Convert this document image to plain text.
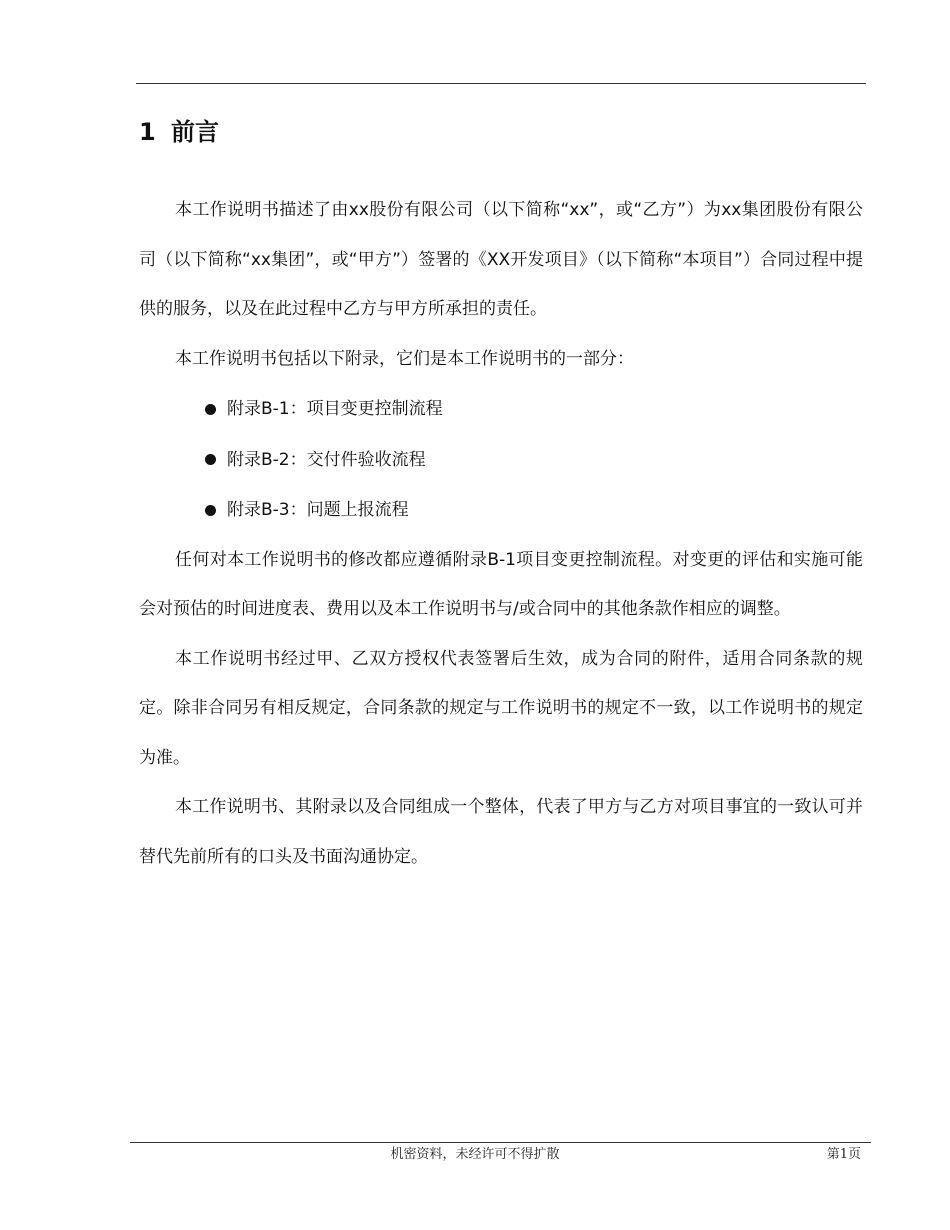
1 前言

本工作说明书描述了由xx股份有限公司（以下简称“xx”，或“乙方”）为xx集团股份有限公司（以下简称“xx集团”，或“甲方”）签署的《XX开发项目》（以下简称“本项目”）合同过程中提供的服务，以及在此过程中乙方与甲方所承担的责任。

本工作说明书包括以下附录，它们是本工作说明书的一部分：

附录B-1：项目变更控制流程
附录B-2：交付件验收流程
附录B-3：问题上报流程

任何对本工作说明书的修改都应遵循附录B-1项目变更控制流程。对变更的评估和实施可能会对预估的时间进度表、费用以及本工作说明书与/或合同中的其他条款作相应的调整。

本工作说明书经过甲、乙双方授权代表签署后生效，成为合同的附件，适用合同条款的规定。除非合同另有相反规定，合同条款的规定与工作说明书的规定不一致，以工作说明书的规定为准。

本工作说明书、其附录以及合同组成一个整体，代表了甲方与乙方对项目事宜的一致认可并替代先前所有的口头及书面沟通协定。

机密资料，未经许可不得扩散	第1页
